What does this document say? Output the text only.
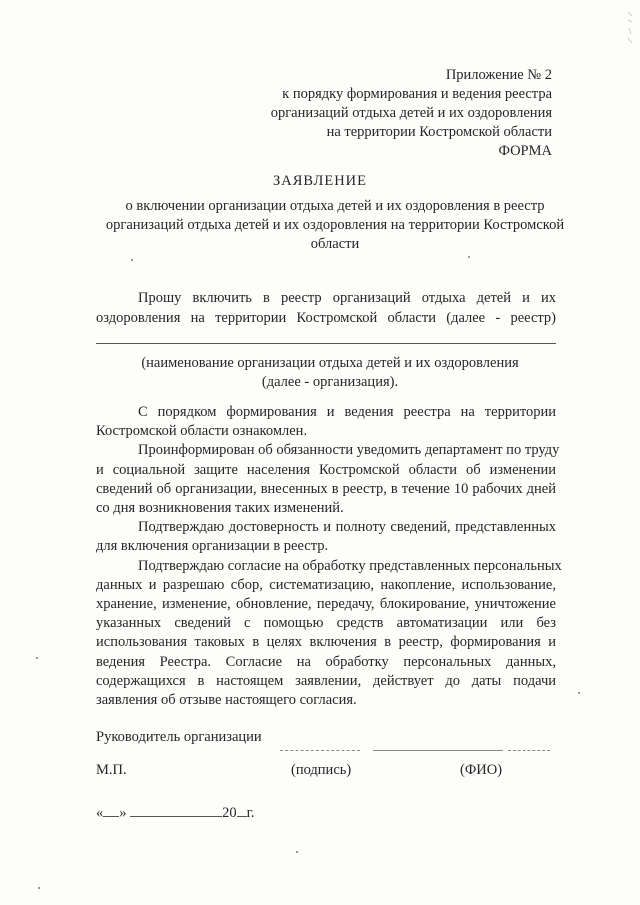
Приложение № 2
к порядку формирования и ведения реестра
организаций отдыха детей и их оздоровления
на территории Костромской области
ФОРМА
ЗАЯВЛЕНИЕ
о включении организации отдыха детей и их оздоровления в реестр
организаций отдыха детей и их оздоровления на территории Костромской
области
Прошу включить в реестр организаций отдыха детей и их
оздоровления на территории Костромской области (далее - реестр)
(наименование организации отдыха детей и их оздоровления
(далее - организация).

С порядком формирования и ведения реестра на территории
Костромской области ознакомлен.

Проинформирован об обязанности уведомить департамент по труду
и социальной защите населения Костромской области об изменении
сведений об организации, внесенных в реестр, в течение 10 рабочих дней
со дня возникновения таких изменений.

Подтверждаю достоверность и полноту сведений, представленных
для включения организации в реестр.

Подтверждаю согласие на обработку представленных персональных
данных и разрешаю сбор, систематизацию, накопление, использование,
хранение, изменение, обновление, передачу, блокирование, уничтожение
указанных сведений с помощью средств автоматизации или без
использования таковых в целях включения в реестр, формирования и
ведения Реестра. Согласие на обработку персональных данных,
содержащихся в настоящем заявлении, действует до даты подачи
заявления об отзыве настоящего согласия.

Руководитель организации
М.П.	(подпись)	(ФИО)
« »	20 г.
